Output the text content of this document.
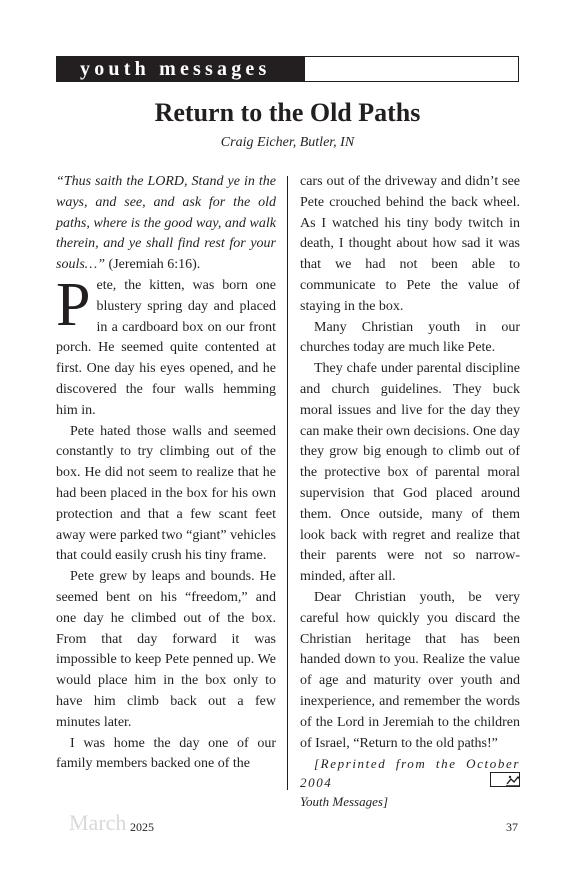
youth messages
Return to the Old Paths
Craig Eicher, Butler, IN

“Thus saith the LORD, Stand ye in the ways, and see, and ask for the old paths, where is the good way, and walk therein, and ye shall find rest for your souls…” (Jeremiah 6:16).

Pete, the kitten, was born one blustery spring day and placed in a cardboard box on our front porch. He seemed quite contented at first. One day his eyes opened, and he discovered the four walls hemming him in.

Pete hated those walls and seemed constantly to try climbing out of the box. He did not seem to realize that he had been placed in the box for his own protection and that a few scant feet away were parked two “giant” vehicles that could easily crush his tiny frame.

Pete grew by leaps and bounds. He seemed bent on his “freedom,” and one day he climbed out of the box. From that day forward it was impossible to keep Pete penned up. We would place him in the box only to have him climb back out a few minutes later.

I was home the day one of our family members backed one of the

cars out of the driveway and didn’t see Pete crouched behind the back wheel. As I watched his tiny body twitch in death, I thought about how sad it was that we had not been able to communicate to Pete the value of staying in the box.

Many Christian youth in our churches today are much like Pete.

They chafe under parental discipline and church guidelines. They buck moral issues and live for the day they can make their own decisions. One day they grow big enough to climb out of the protective box of parental moral supervision that God placed around them. Once outside, many of them look back with regret and realize that their parents were not so narrow-minded, after all.

Dear Christian youth, be very careful how quickly you discard the Christian heritage that has been handed down to you. Realize the value of age and maturity over youth and inexperience, and remember the words of the Lord in Jeremiah to the children of Israel, “Return to the old paths!”

[Reprinted from the October 2004
Youth Messages]

March 2025	37
